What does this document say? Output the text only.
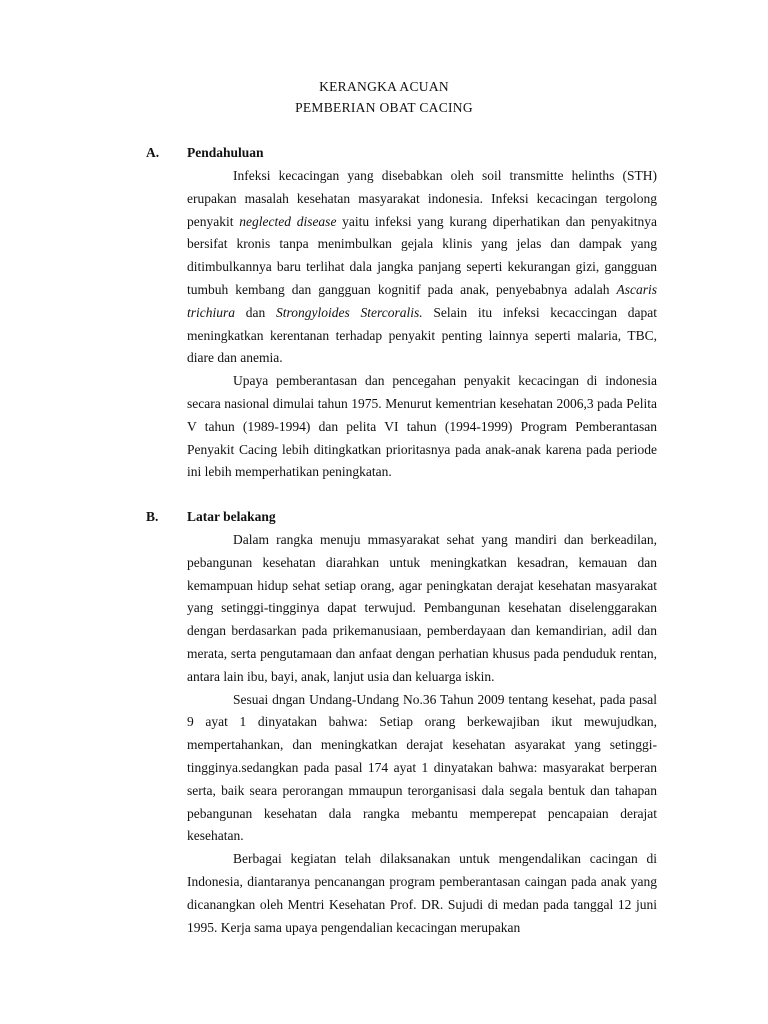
KERANGKA ACUAN
PEMBERIAN OBAT CACING
A. Pendahuluan

Infeksi kecacingan yang disebabkan oleh soil transmitte helinths (STH) erupakan masalah kesehatan masyarakat indonesia. Infeksi kecacingan tergolong penyakit neglected disease yaitu infeksi yang kurang diperhatikan dan penyakitnya bersifat kronis tanpa menimbulkan gejala klinis yang jelas dan dampak yang ditimbulkannya baru terlihat dala jangka panjang seperti kekurangan gizi, gangguan tumbuh kembang dan gangguan kognitif pada anak, penyebabnya adalah Ascaris trichiura dan Strongyloides Stercoralis. Selain itu infeksi kecaccingan dapat meningkatkan kerentanan terhadap penyakit penting lainnya seperti malaria, TBC, diare dan anemia.

Upaya pemberantasan dan pencegahan penyakit kecacingan di indonesia secara nasional dimulai tahun 1975. Menurut kementrian kesehatan 2006,3 pada Pelita V tahun (1989-1994) dan pelita VI tahun (1994-1999) Program Pemberantasan Penyakit Cacing lebih ditingkatkan prioritasnya pada anak-anak karena pada periode ini lebih memperhatikan peningkatan.

B. Latar belakang

Dalam rangka menuju mmasyarakat sehat yang mandiri dan berkeadilan, pebangunan kesehatan diarahkan untuk meningkatkan kesadran, kemauan dan kemampuan hidup sehat setiap orang, agar peningkatan derajat kesehatan masyarakat yang setinggi-tingginya dapat terwujud. Pembangunan kesehatan diselenggarakan dengan berdasarkan pada prikemanusiaan, pemberdayaan dan kemandirian, adil dan merata, serta pengutamaan dan anfaat dengan perhatian khusus pada penduduk rentan, antara lain ibu, bayi, anak, lanjut usia dan keluarga iskin.

Sesuai dngan Undang-Undang No.36 Tahun 2009 tentang kesehat, pada pasal 9 ayat 1 dinyatakan bahwa: Setiap orang berkewajiban ikut mewujudkan, mempertahankan, dan meningkatkan derajat kesehatan asyarakat yang setinggi-tingginya.sedangkan pada pasal 174 ayat 1 dinyatakan bahwa: masyarakat berperan serta, baik seara perorangan mmaupun terorganisasi dala segala bentuk dan tahapan pebangunan kesehatan dala rangka mebantu memperepat pencapaian derajat kesehatan.

Berbagai kegiatan telah dilaksanakan untuk mengendalikan cacingan di Indonesia, diantaranya pencanangan program pemberantasan caingan pada anak yang dicanangkan oleh Mentri Kesehatan Prof. DR. Sujudi di medan pada tanggal 12 juni 1995. Kerja sama upaya pengendalian kecacingan merupakan
